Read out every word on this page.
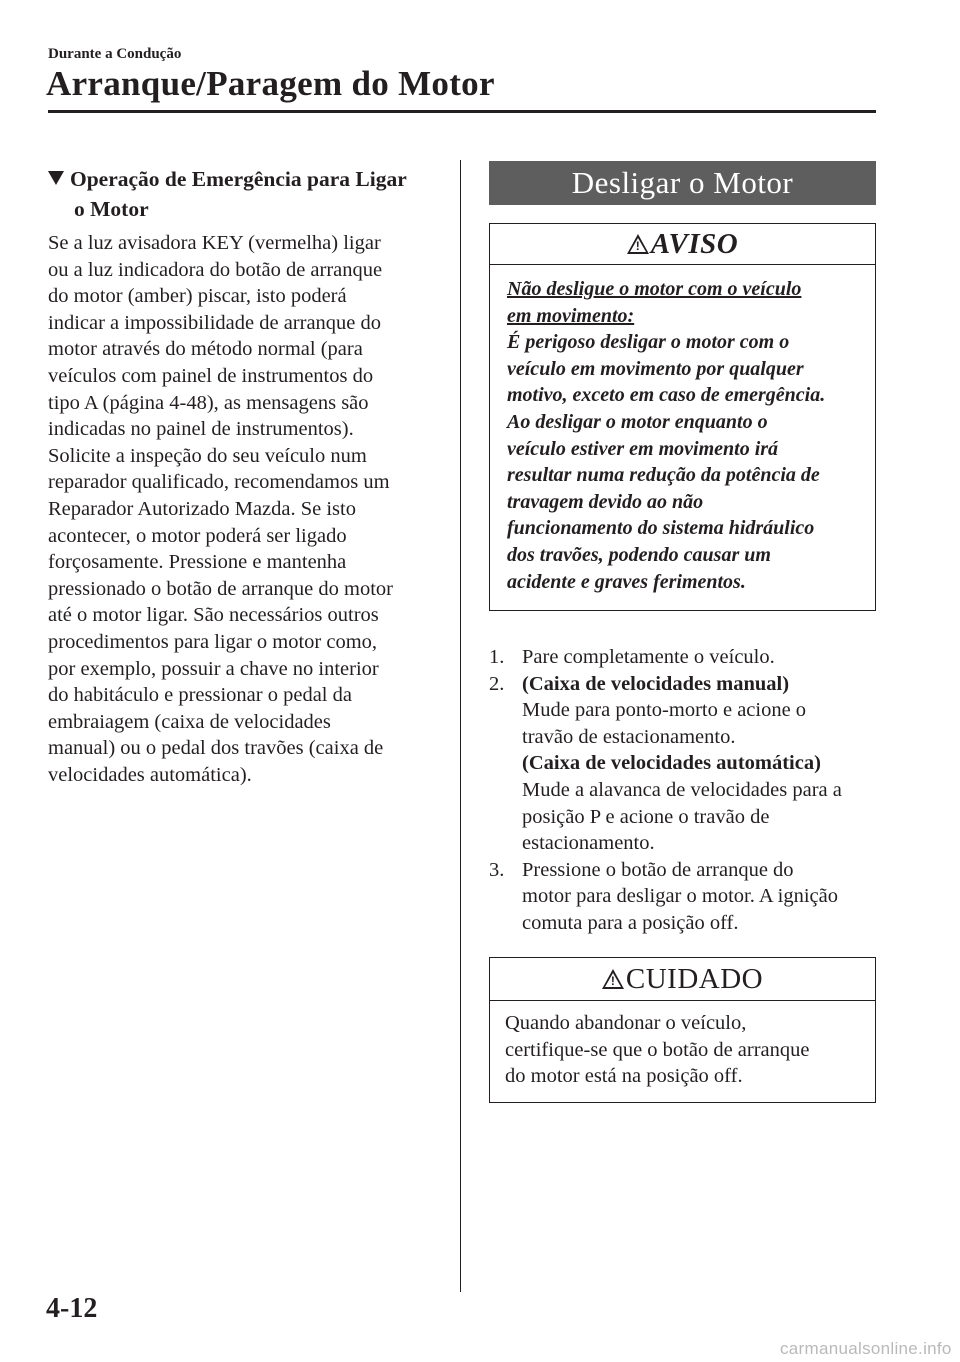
Durante a Condução
Arranque/Paragem do Motor
Operação de Emergência para Ligar
o Motor
Se a luz avisadora KEY (vermelha) ligar
ou a luz indicadora do botão de arranque
do motor (amber) piscar, isto poderá
indicar a impossibilidade de arranque do
motor através do método normal (para
veículos com painel de instrumentos do
tipo A (página 4-48), as mensagens são
indicadas no painel de instrumentos).
Solicite a inspeção do seu veículo num
reparador qualificado, recomendamos um
Reparador Autorizado Mazda. Se isto
acontecer, o motor poderá ser ligado
forçosamente. Pressione e mantenha
pressionado o botão de arranque do motor
até o motor ligar. São necessários outros
procedimentos para ligar o motor como,
por exemplo, possuir a chave no interior
do habitáculo e pressionar o pedal da
embraiagem (caixa de velocidades
manual) ou o pedal dos travões (caixa de
velocidades automática).
Desligar o Motor
! AVISO
Não desligue o motor com o veículo
em movimento:
É perigoso desligar o motor com o
veículo em movimento por qualquer
motivo, exceto em caso de emergência.
Ao desligar o motor enquanto o
veículo estiver em movimento irá
resultar numa redução da potência de
travagem devido ao não
funcionamento do sistema hidráulico
dos travões, podendo causar um
acidente e graves ferimentos.
1. Pare completamente o veículo.
2. (Caixa de velocidades manual)
Mude para ponto-morto e acione o
travão de estacionamento.
(Caixa de velocidades automática)
Mude a alavanca de velocidades para a
posição P e acione o travão de
estacionamento.
3. Pressione o botão de arranque do
motor para desligar o motor. A ignição
comuta para a posição off.
! CUIDADO
Quando abandonar o veículo,
certifique-se que o botão de arranque
do motor está na posição off.
4-12
carmanualsonline.info
